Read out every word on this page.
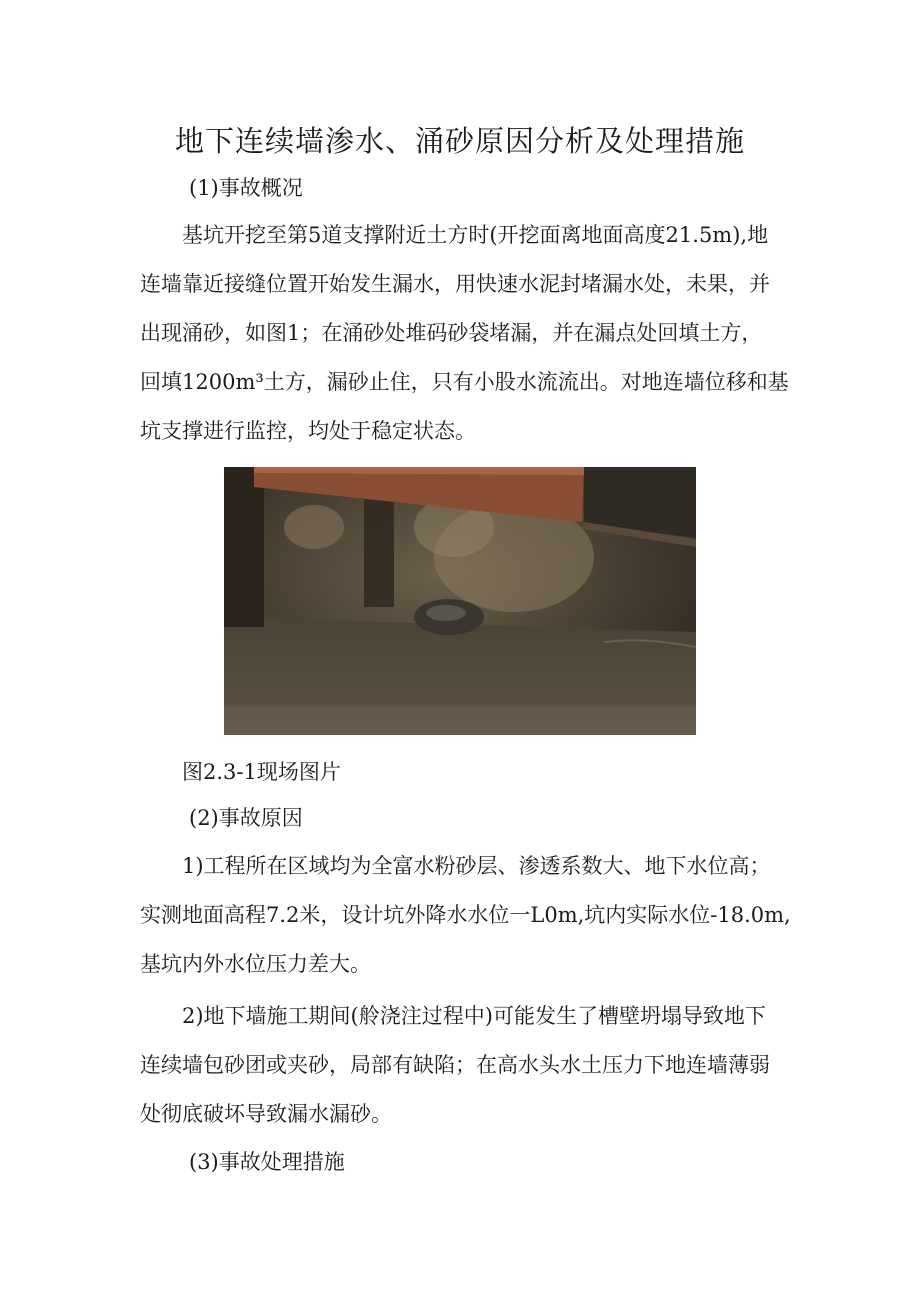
地下连续墙渗水、涌砂原因分析及处理措施
(1)事故概况
基坑开挖至第5道支撑附近土方时(开挖面离地面高度21.5m),地
连墙靠近接缝位置开始发生漏水，用快速水泥封堵漏水处，未果，并
出现涌砂，如图1；在涌砂处堆码砂袋堵漏，并在漏点处回填土方，
回填1200m³土方，漏砂止住，只有小股水流流出。对地连墙位移和基
坑支撑进行监控，均处于稳定状态。
图2.3-1现场图片
(2)事故原因
1)工程所在区域均为全富水粉砂层、渗透系数大、地下水位高；
实测地面高程7.2米，设计坑外降水水位一L0m,坑内实际水位-18.0m,
基坑内外水位压力差大。
2)地下墙施工期间(舲浇注过程中)可能发生了槽壁坍塌导致地下
连续墙包砂团或夹砂，局部有缺陷；在高水头水土压力下地连墙薄弱
处彻底破坏导致漏水漏砂。
(3)事故处理措施
